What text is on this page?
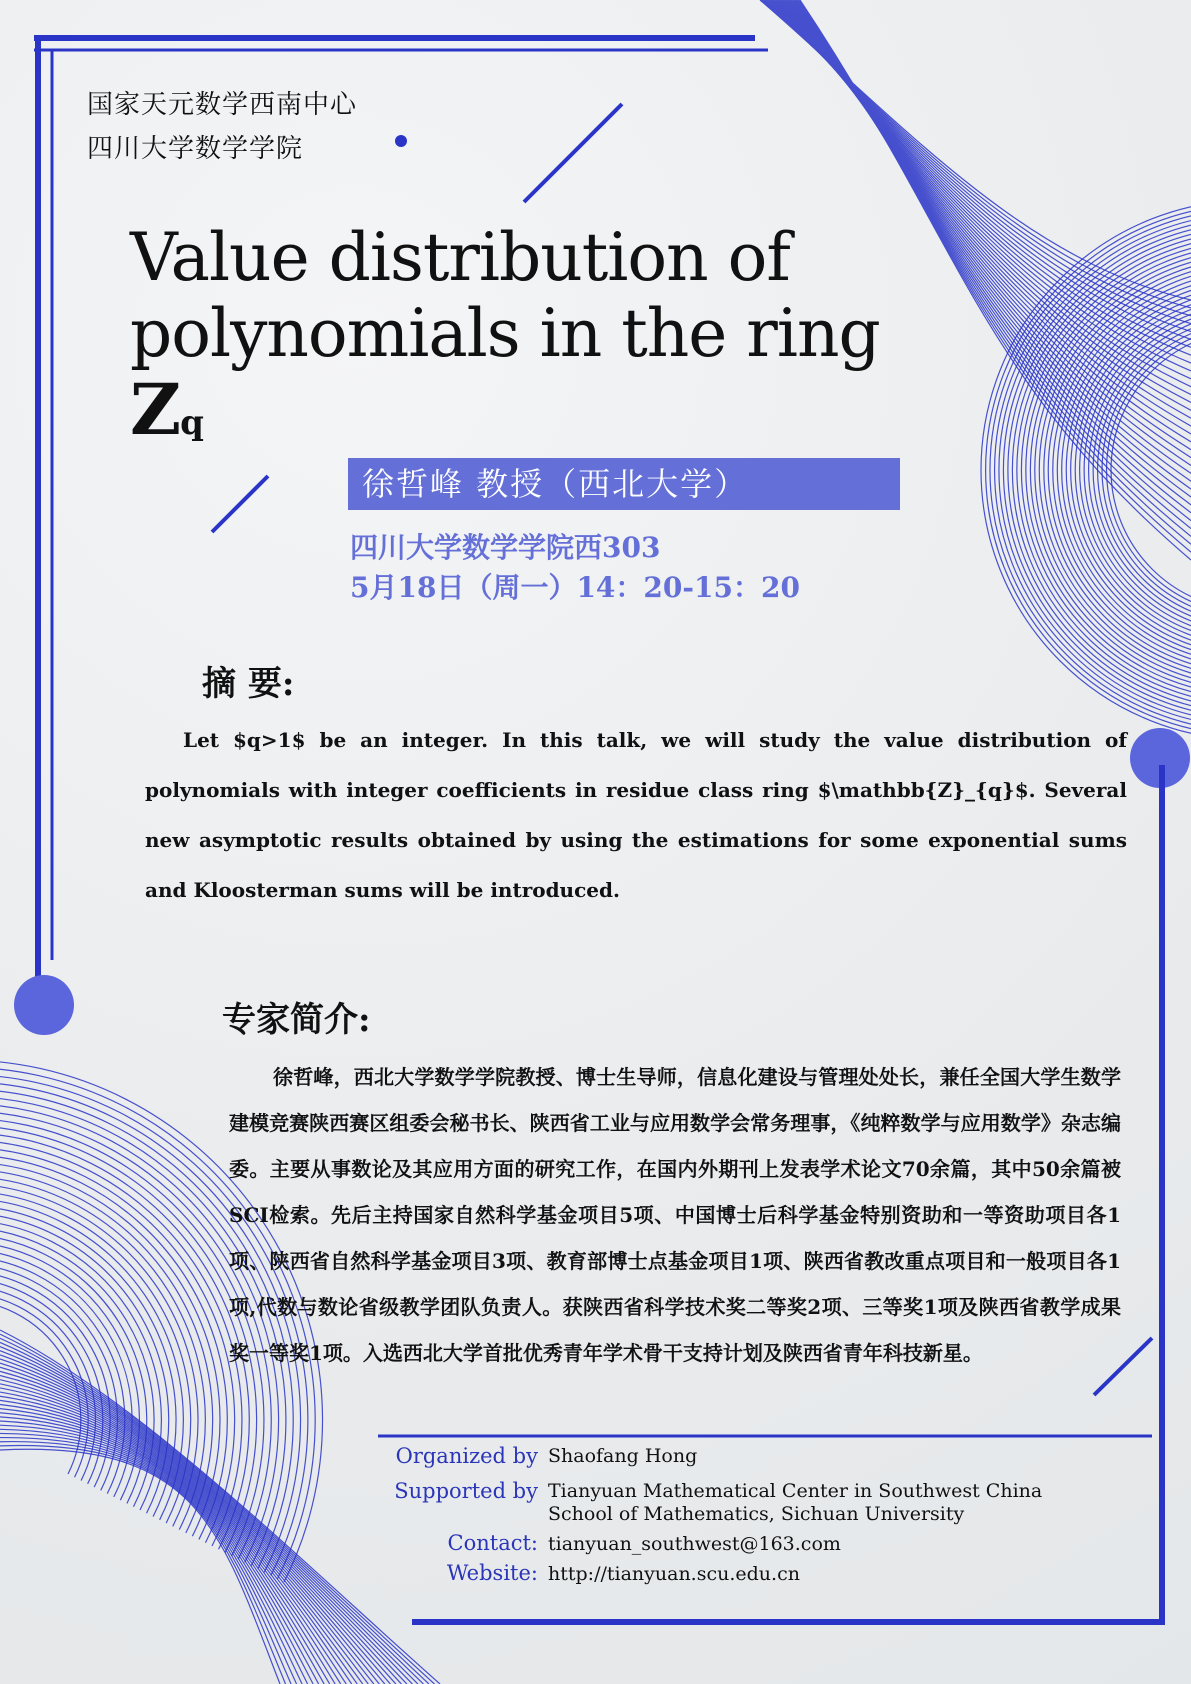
国家天元数学西南中心
四川大学数学学院
Value distribution of
polynomials in the ring Zq
徐哲峰 教授（西北大学）
四川大学数学学院西303
5月18日（周一）14：20-15：20
摘 要:
Let $q>1$ be an integer. In this talk, we will study the value distribution of polynomials with integer coefficients in residue class ring $\mathbb{Z}_{q}$. Several new asymptotic results obtained by using the estimations for some exponential sums and Kloosterman sums will be introduced.
专家简介:
徐哲峰，西北大学数学学院教授、博士生导师，信息化建设与管理处处长，兼任全国大学生数学建模竞赛陕西赛区组委会秘书长、陕西省工业与应用数学会常务理事，《纯粹数学与应用数学》杂志编委。主要从事数论及其应用方面的研究工作，在国内外期刊上发表学术论文70余篇，其中50余篇被SCI检索。先后主持国家自然科学基金项目5项、中国博士后科学基金特别资助和一等资助项目各1项、陕西省自然科学基金项目3项、教育部博士点基金项目1项、陕西省教改重点项目和一般项目各1项,代数与数论省级教学团队负责人。获陕西省科学技术奖二等奖2项、三等奖1项及陕西省教学成果奖一等奖1项。入选西北大学首批优秀青年学术骨干支持计划及陕西省青年科技新星。
Organized by Shaofang Hong
Supported by Tianyuan Mathematical Center in Southwest China
School of Mathematics, Sichuan University
Contact: tianyuan_southwest@163.com
Website: http://tianyuan.scu.edu.cn
